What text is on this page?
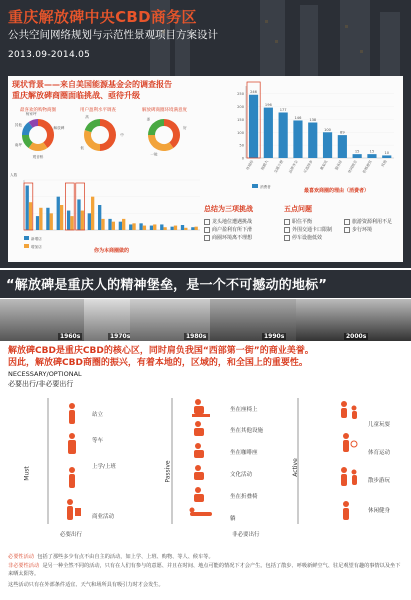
重庆解放碑中央CBD商务区
公共空间网络规划与示范性景观项目方案设计
2013.09-2014.05
现状背景——来自美国能源基金会的调查报告
重庆解放碑商圈面临挑战、亟待升级
最喜欢的购物商圈	用户盈利水平调查	解放碑商圈环境满意度
解放碑
观音桥
南坪
其他
杨家坪
中
低
高
好
一般
差
0
50
100
150
200
250 246
环境好
196
规模大
177
交通方便
146
品牌齐全
138
可选择多
100
离家近
89
服务好
15
休闲娱乐
15
价格便宜
10
其他
消费者
最喜欢商圈的理由（消费者）
人数
新增店
增加店
你为本商圈做的
总结为三项挑战	五点问题
龙头地位遭遇挑战
商户盈利有所下滑
商圈环境离不理想
职住平衡	旅游资源利用不足
外围交通卡口限制	步行环境
停车设施低效
“解放碑是重庆人的精神堡垒，是一个不可撼动的地标”
1960s	1970s	1980s	1990s	2000s
解放碑CBD是重庆CBD的核心区，同时肩负我国“西部第一街”的商业美誉。
因此，解放碑CBD商圈的振兴，有着本地的，区域的，和全国上的重要性。
NECESSARY/OPTIONAL
必要出行/非必要出行
Must	Passive	Active
站立
等车
上学/上班
商业活动
必要出行
坐在座椅上
坐在其他设施
坐在咖啡座
文化活动
坐在折叠椅
躺
非必要出行
儿童玩耍
体育运动
散步游玩
休闲健身
必要性活动 包括了那些多少有点不由自主的活动，如上学、上班、购物、等人、候车等。
非必要性活动 是另一种全然不同的活动，只有在人们有参与的意愿、并且在时间、地点可能的情况下才会产生。包括了散步、呼吸新鲜空气、驻足观望有趣的事情以及坐下来晒太阳等。
这些活动只有在外部条件适宜、天气和场所具有吸引力时才会发生。
